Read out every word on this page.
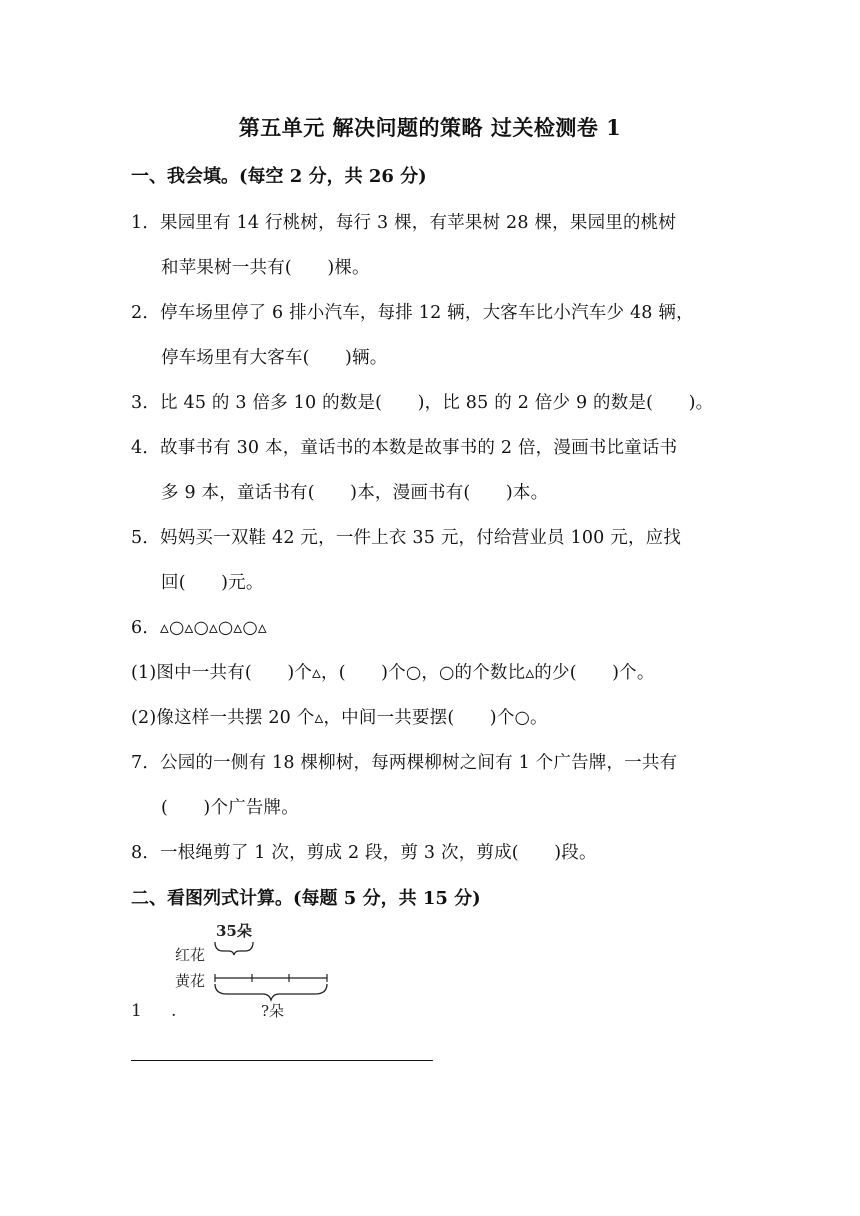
第五单元 解决问题的策略 过关检测卷 1
一、我会填。(每空 2 分，共 26 分)
1．果园里有 14 行桃树，每行 3 棵，有苹果树 28 棵，果园里的桃树
和苹果树一共有(　　)棵。
2．停车场里停了 6 排小汽车，每排 12 辆，大客车比小汽车少 48 辆，
停车场里有大客车(　　)辆。
3．比 45 的 3 倍多 10 的数是(　　)，比 85 的 2 倍少 9 的数是(　　)。
4．故事书有 30 本，童话书的本数是故事书的 2 倍，漫画书比童话书
多 9 本，童话书有(　　)本，漫画书有(　　)本。
5．妈妈买一双鞋 42 元，一件上衣 35 元，付给营业员 100 元，应找
回(　　)元。
6．▵○▵○▵○▵○▵
(1)图中一共有(　　)个▵，(　　)个○，○的个数比▵的少(　　)个。
(2)像这样一共摆 20 个▵，中间一共要摆(　　)个○。
7．公园的一侧有 18 棵柳树，每两棵柳树之间有 1 个广告牌，一共有
(　　)个广告牌。
8．一根绳剪了 1 次，剪成 2 段，剪 3 次，剪成(　　)段。
二、看图列式计算。(每题 5 分，共 15 分)
35朵
红花
黄花
1 .	?朵
